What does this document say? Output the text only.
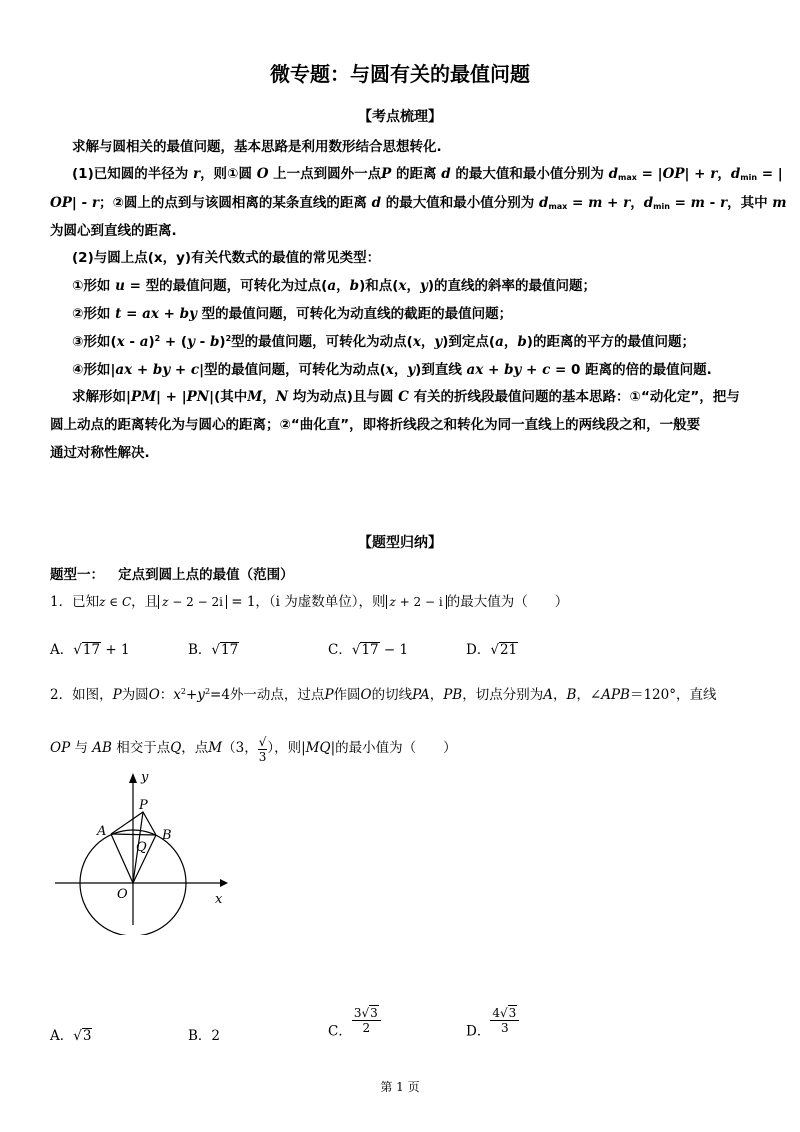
微专题：与圆有关的最值问题
【考点梳理】
求解与圆相关的最值问题，基本思路是利用数形结合思想转化.
(1)已知圆的半径为 r，则①圆 O 上一点到圆外一点P 的距离 d 的最大值和最小值分别为 $d_{max} = |OP| + r$，$d_{min}$ = |
OP| - r；②圆上的点到与该圆相离的某条直线的距离 d 的最大值和最小值分别为 $d_{max} = m + r$，$d_{min} = m - r$，其中 m
为圆心到直线的距离.
(2)与圆上点(x，y)有关代数式的最值的常见类型：
①形如 u = 型的最值问题，可转化为过点(a，b)和点(x，y)的直线的斜率的最值问题；
②形如 t = ax + by 型的最值问题，可转化为动直线的截距的最值问题；
③形如(x - a)$^2$ + (y - b)$^2$型的最值问题，可转化为动点(x，y)到定点(a，b)的距离的平方的最值问题；
④形如|ax + by + c|型的最值问题，可转化为动点(x，y)到直线 ax + by + c = 0 距离的倍的最值问题.
求解形如|PM| + |PN|(其中M，N 均为动点)且与圆 C 有关的折线段最值问题的基本思路：①“动化定”，把与
圆上动点的距离转化为与圆心的距离；②“曲化直”，即将折线段之和转化为同一直线上的两线段之和，一般要
通过对称性解决.
【题型归纳】
题型一： 定点到圆上点的最值（范围）
1．已知z ∈ C，且 z − 2 − 2i = 1，（i 为虚数单位），则 z + 2 − i 的最大值为（　　）
A．√17 + 1	B．√17	C．√17 − 1	D．√21
2．如图，P为圆O：$x^2+y^2=4$外一动点，过点P作圆O的切线PA，PB，切点分别为A，B，∠APB＝120°，直线
OP 与 AB 相交于点Q，点M（3，√
3
），则|MQ|的最小值为（　　）
y
P
A	B
Q
O	x
A．√3	B．2	C． $\frac{3√3}{2}$	D． $\frac{4√3}{3}$
第 1 页
